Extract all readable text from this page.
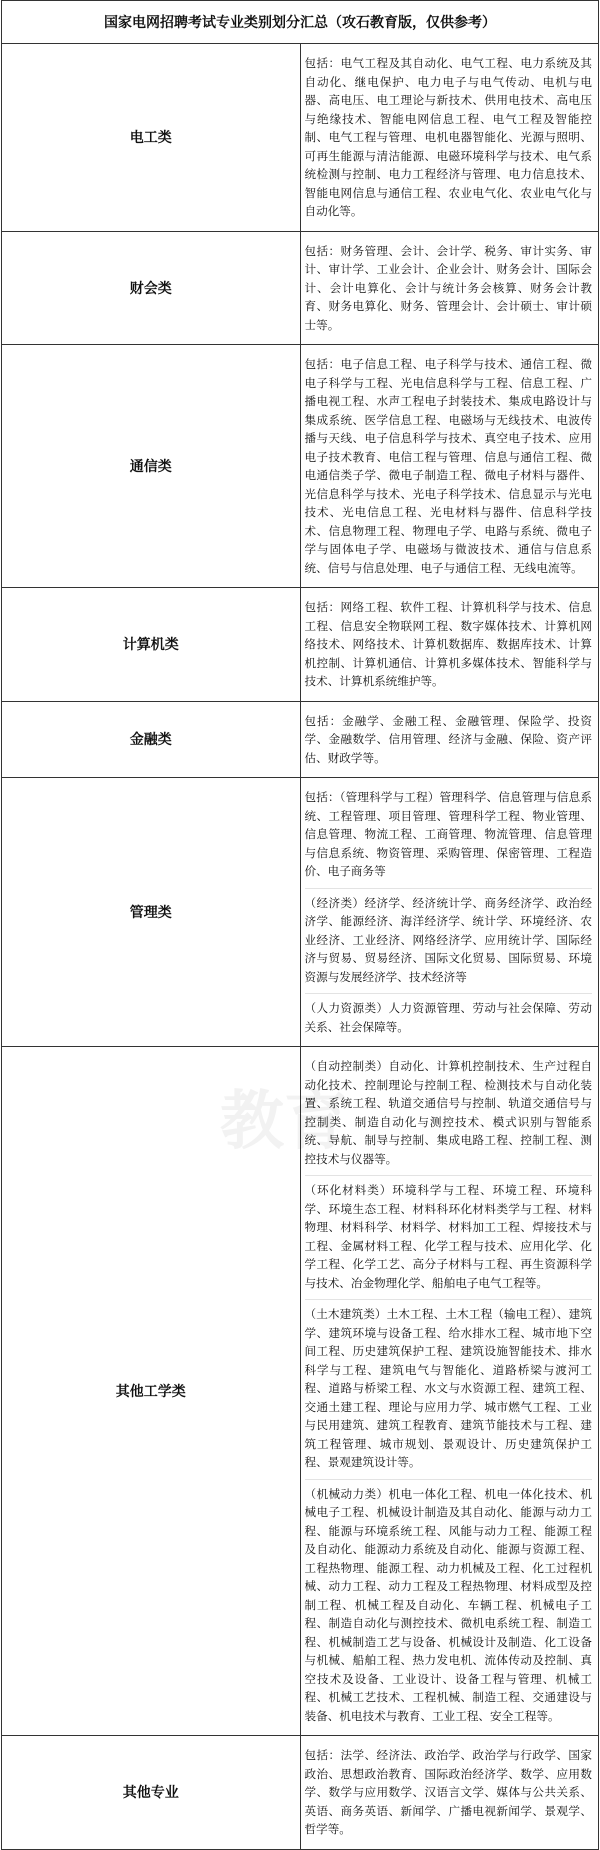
国家电网招聘考试专业类别划分汇总（攻石教育版，仅供参考）	
电工类	包括：电气工程及其自动化、电气工程、电力系统及其自动化、继电保护、电力电子与电气传动、电机与电器、高电压、电工理论与新技术、供用电技术、高电压与绝缘技术、智能电网信息工程、电气工程及智能控制、电气工程与管理、电机电器智能化、光源与照明、可再生能源与清洁能源、电磁环境科学与技术、电气系统检测与控制、电力工程经济与管理、电力信息技术、智能电网信息与通信工程、农业电气化、农业电气化与自动化等。

财会类	包括：财务管理、会计、会计学、税务、审计实务、审计、审计学、工业会计、企业会计、财务会计、国际会计、会计电算化、会计与统计务会核算、财务会计教育、财务电算化、财务、管理会计、会计硕士、审计硕士等。

通信类	包括：电子信息工程、电子科学与技术、通信工程、微电子科学与工程、光电信息科学与工程、信息工程、广播电视工程、水声工程电子封装技术、集成电路设计与集成系统、医学信息工程、电磁场与无线技术、电波传播与天线、电子信息科学与技术、真空电子技术、应用电子技术教育、电信工程与管理、信息与通信工程、微电通信类子学、微电子制造工程、微电子材料与器件、光信息科学与技术、光电子科学技术、信息显示与光电技术、光电信息工程、光电材料与器件、信息科学技术、信息物理工程、物理电子学、电路与系统、微电子学与固体电子学、电磁场与微波技术、通信与信息系统、信号与信息处理、电子与通信工程、无线电流等。

计算机类	包括：网络工程、软件工程、计算机科学与技术、信息工程、信息安全物联网工程、数字媒体技术、计算机网络技术、网络技术、计算机数据库、数据库技术、计算机控制、计算机通信、计算机多媒体技术、智能科学与技术、计算机系统维护等。

金融类	包括：金融学、金融工程、金融管理、保险学、投资学、金融数学、信用管理、经济与金融、保险、资产评估、财政学等。

管理类	包括：（管理科学与工程）管理科学、信息管理与信息系统、工程管理、项目管理、管理科学工程、物业管理、信息管理、物流工程、工商管理、物流管理、信息管理与信息系统、物资管理、采购管理、保密管理、工程造价、电子商务等
（经济类）经济学、经济统计学、商务经济学、政治经济学、能源经济、海洋经济学、统计学、环境经济、农业经济、工业经济、网络经济学、应用统计学、国际经济与贸易、贸易经济、国际文化贸易、国际贸易、环境资源与发展经济学、技术经济等
（人力资源类）人力资源管理、劳动与社会保障、劳动关系、社会保障等。

其他工学类	（自动控制类）自动化、计算机控制技术、生产过程自动化技术、控制理论与控制工程、检测技术与自动化装置、系统工程、轨道交通信号与控制、轨道交通信号与控制类、制造自动化与测控技术、模式识别与智能系统、导航、制导与控制、集成电路工程、控制工程、测控技术与仪器等。
（环化材料类）环境科学与工程、环境工程、环境科学、环境生态工程、材料科环化材料类学与工程、材料物理、材料科学、材料学、材料加工工程、焊接技术与工程、金属材料工程、化学工程与技术、应用化学、化学工程、化学工艺、高分子材料与工程、再生资源科学与技术、冶金物理化学、船舶电子电气工程等。
（土木建筑类）土木工程、土木工程（输电工程）、建筑学、建筑环境与设备工程、给水排水工程、城市地下空间工程、历史建筑保护工程、建筑设施智能技术、排水科学与工程、建筑电气与智能化、道路桥梁与渡河工程、道路与桥梁工程、水文与水资源工程、建筑工程、交通土建工程、理论与应用力学、城市燃气工程、工业与民用建筑、建筑工程教育、建筑节能技术与工程、建筑工程管理、城市规划、景观设计、历史建筑保护工程、景观建筑设计等。
（机械动力类）机电一体化工程、机电一体化技术、机械电子工程、机械设计制造及其自动化、能源与动力工程、能源与环境系统工程、风能与动力工程、能源工程及自动化、能源动力系统及自动化、能源与资源工程、工程热物理、能源工程、动力机械及工程、化工过程机械、动力工程、动力工程及工程热物理、材料成型及控制工程、机械工程及自动化、车辆工程、机械电子工程、制造自动化与测控技术、微机电系统工程、制造工程、机械制造工艺与设备、机械设计及制造、化工设备与机械、船舶工程、热力发电机、流体传动及控制、真空技术及设备、工业设计、设备工程与管理、机械工程、机械工艺技术、工程机械、制造工程、交通建设与装备、机电技术与教育、工业工程、安全工程等。

其他专业	包括：法学、经济法、政治学、政治学与行政学、国家政治、思想政治教育、国际政治经济学、数学、应用数学、数学与应用数学、汉语言文学、媒体与公共关系、英语、商务英语、新闻学、广播电视新闻学、景观学、哲学等。
教育
